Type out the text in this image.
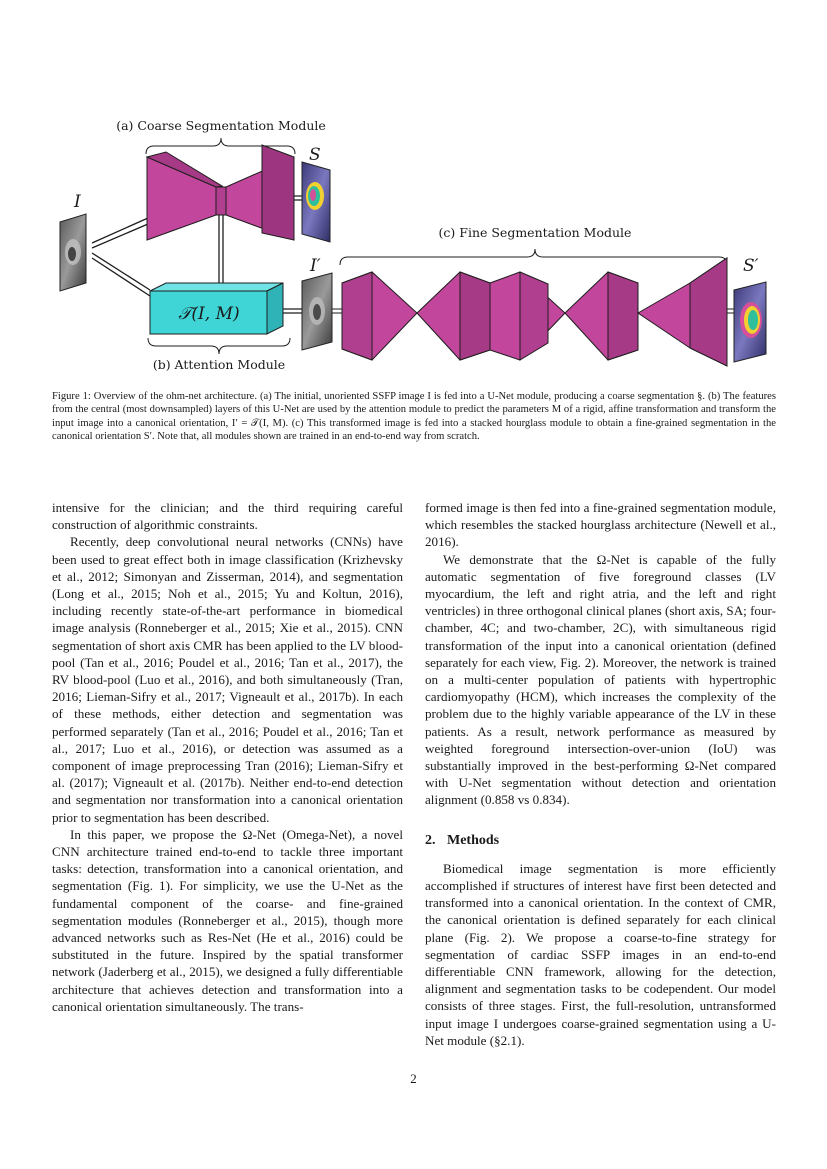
(a) Coarse Segmentation Module
I
S
𝒯(I, M)
(b) Attention Module
I′
(c) Fine Segmentation Module
S′

Figure 1: Overview of the ohm-net architecture. (a) The initial, unoriented SSFP image I is fed into a U-Net module, producing a coarse segmentation §. (b) The features from the central (most downsampled) layers of this U-Net are used by the attention module to predict the parameters M of a rigid, affine transformation and transform the input image into a canonical orientation, I′ = 𝒯(I, M). (c) This transformed image is fed into a stacked hourglass module to obtain a fine-grained segmentation in the canonical orientation S′. Note that, all modules shown are trained in an end-to-end way from scratch.

intensive for the clinician; and the third requiring careful construction of algorithmic constraints.

Recently, deep convolutional neural networks (CNNs) have been used to great effect both in image classification (Krizhevsky et al., 2012; Simonyan and Zisserman, 2014), and segmentation (Long et al., 2015; Noh et al., 2015; Yu and Koltun, 2016), including recently state-of-the-art performance in biomedical image analysis (Ronneberger et al., 2015; Xie et al., 2015). CNN segmentation of short axis CMR has been applied to the LV blood-pool (Tan et al., 2016; Poudel et al., 2016; Tan et al., 2017), the RV blood-pool (Luo et al., 2016), and both simultaneously (Tran, 2016; Lieman-Sifry et al., 2017; Vigneault et al., 2017b). In each of these methods, either detection and segmentation was performed separately (Tan et al., 2016; Poudel et al., 2016; Tan et al., 2017; Luo et al., 2016), or detection was assumed as a component of image preprocessing Tran (2016); Lieman-Sifry et al. (2017); Vigneault et al. (2017b). Neither end-to-end detection and segmentation nor transformation into a canonical orientation prior to segmentation has been described.

In this paper, we propose the Ω-Net (Omega-Net), a novel CNN architecture trained end-to-end to tackle three important tasks: detection, transformation into a canonical orientation, and segmentation (Fig. 1). For simplicity, we use the U-Net as the fundamental component of the coarse- and fine-grained segmentation modules (Ronneberger et al., 2015), though more advanced networks such as Res-Net (He et al., 2016) could be substituted in the future. Inspired by the spatial transformer network (Jaderberg et al., 2015), we designed a fully differentiable architecture that achieves detection and transformation into a canonical orientation simultaneously. The trans-

formed image is then fed into a fine-grained segmentation module, which resembles the stacked hourglass architecture (Newell et al., 2016).

We demonstrate that the Ω-Net is capable of the fully automatic segmentation of five foreground classes (LV myocardium, the left and right atria, and the left and right ventricles) in three orthogonal clinical planes (short axis, SA; four-chamber, 4C; and two-chamber, 2C), with simultaneous rigid transformation of the input into a canonical orientation (defined separately for each view, Fig. 2). Moreover, the network is trained on a multi-center population of patients with hypertrophic cardiomyopathy (HCM), which increases the complexity of the problem due to the highly variable appearance of the LV in these patients. As a result, network performance as measured by weighted foreground intersection-over-union (IoU) was substantially improved in the best-performing Ω-Net compared with U-Net segmentation without detection and orientation alignment (0.858 vs 0.834).

2. Methods

Biomedical image segmentation is more efficiently accomplished if structures of interest have first been detected and transformed into a canonical orientation. In the context of CMR, the canonical orientation is defined separately for each clinical plane (Fig. 2). We propose a coarse-to-fine strategy for segmentation of cardiac SSFP images in an end-to-end differentiable CNN framework, allowing for the detection, alignment and segmentation tasks to be codependent. Our model consists of three stages. First, the full-resolution, untransformed input image I undergoes coarse-grained segmentation using a U-Net module (§2.1).

2
